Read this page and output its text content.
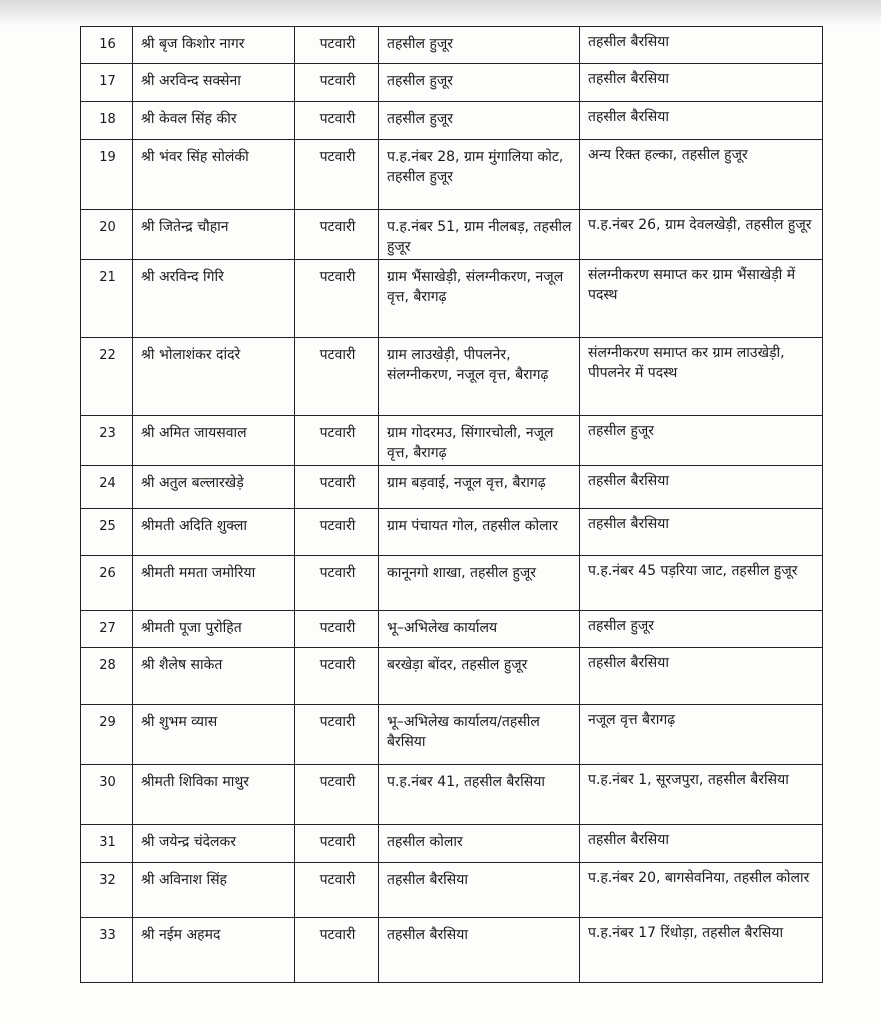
16	श्री बृज किशोर नागर	पटवारी	तहसील हुजूर	तहसील बैरसिया
17	श्री अरविन्द सक्सेना	पटवारी	तहसील हुजूर	तहसील बैरसिया
18	श्री केवल सिंह कीर	पटवारी	तहसील हुजूर	तहसील बैरसिया
19	श्री भंवर सिंह सोलंकी	पटवारी	प.ह.नंबर 28, ग्राम मुंगालिया कोट, तहसील हुजूर	अन्य रिक्त हल्का, तहसील हुजूर
20	श्री जितेन्द्र चौहान	पटवारी	प.ह.नंबर 51, ग्राम नीलबड़, तहसील हुजूर	प.ह.नंबर 26, ग्राम देवलखेड़ी, तहसील हुजूर
21	श्री अरविन्द गिरि	पटवारी	ग्राम भैंसाखेड़ी, संलग्नीकरण, नजूल वृत्त, बैरागढ़	संलग्नीकरण समाप्त कर ग्राम भैंसाखेड़ी में पदस्थ
22	श्री भोलाशंकर दांदरे	पटवारी	ग्राम लाउखेड़ी, पीपलनेर, संलग्नीकरण, नजूल वृत्त, बैरागढ़	संलग्नीकरण समाप्त कर ग्राम लाउखेड़ी, पीपलनेर में पदस्थ
23	श्री अमित जायसवाल	पटवारी	ग्राम गोदरमउ, सिंगारचोली, नजूल वृत्त, बैरागढ़	तहसील हुजूर
24	श्री अतुल बल्लारखेड़े	पटवारी	ग्राम बड़वाई, नजूल वृत्त, बैरागढ़	तहसील बैरसिया
25	श्रीमती अदिति शुक्ला	पटवारी	ग्राम पंचायत गोल, तहसील कोलार	तहसील बैरसिया
26	श्रीमती ममता जमोरिया	पटवारी	कानूनगो शाखा, तहसील हुजूर	प.ह.नंबर 45 पड़रिया जाट, तहसील हुजूर
27	श्रीमती पूजा पुरोहित	पटवारी	भू–अभिलेख कार्यालय	तहसील हुजूर
28	श्री शैलेष साकेत	पटवारी	बरखेड़ा बोंदर, तहसील हुजूर	तहसील बैरसिया
29	श्री शुभम व्यास	पटवारी	भू–अभिलेख कार्यालय/तहसील बैरसिया	नजूल वृत्त बैरागढ़
30	श्रीमती शिविका माथुर	पटवारी	प.ह.नंबर 41, तहसील बैरसिया	प.ह.नंबर 1, सूरजपुरा, तहसील बैरसिया
31	श्री जयेन्द्र चंदेलकर	पटवारी	तहसील कोलार	तहसील बैरसिया
32	श्री अविनाश सिंह	पटवारी	तहसील बैरसिया	प.ह.नंबर 20, बागसेवनिया, तहसील कोलार
33	श्री नईम अहमद	पटवारी	तहसील बैरसिया	प.ह.नंबर 17 रिंधोड़ा, तहसील बैरसिया
